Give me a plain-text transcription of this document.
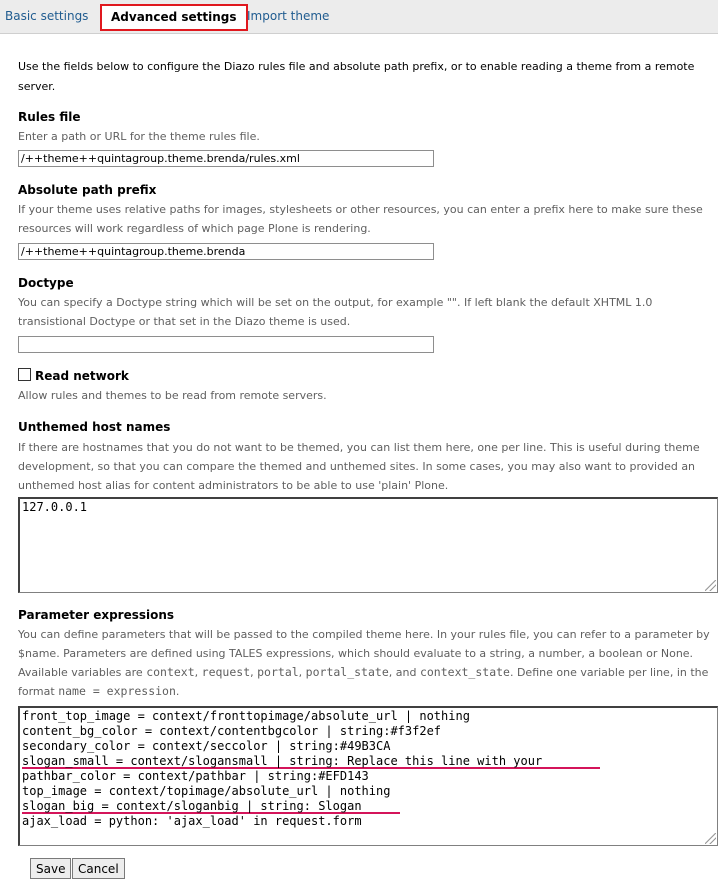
Basic settings	Advanced settings Import theme
Use the fields below to configure the Diazo rules file and absolute path prefix, or to enable reading a theme from a remote server.
Rules file
Enter a path or URL for the theme rules file.
/++theme++quintagroup.theme.brenda/rules.xml
Absolute path prefix
If your theme uses relative paths for images, stylesheets or other resources, you can enter a prefix here to make sure these resources will work regardless of which page Plone is rendering.
/++theme++quintagroup.theme.brenda
Doctype
You can specify a Doctype string which will be set on the output, for example "". If left blank the default XHTML 1.0 transistional Doctype or that set in the Diazo theme is used.
Read network
Allow rules and themes to be read from remote servers.
Unthemed host names
If there are hostnames that you do not want to be themed, you can list them here, one per line. This is useful during theme development, so that you can compare the themed and unthemed sites. In some cases, you may also want to provided an unthemed host alias for content administrators to be able to use 'plain' Plone.
127.0.0.1
Parameter expressions
You can define parameters that will be passed to the compiled theme here. In your rules file, you can refer to a parameter by $name. Parameters are defined using TALES expressions, which should evaluate to a string, a number, a boolean or None. Available variables are context, request, portal, portal_state, and context_state. Define one variable per line, in the format name = expression.
front_top_image = context/fronttopimage/absolute_url | nothing
content_bg_color = context/contentbgcolor | string:#f3f2ef
secondary_color = context/seccolor | string:#49B3CA
slogan_small = context/slogansmall | string: Replace this line with your
pathbar_color = context/pathbar | string:#EFD143
top_image = context/topimage/absolute_url | nothing
slogan_big = context/sloganbig | string: Slogan
ajax_load = python: 'ajax_load' in request.form
Save	Cancel
